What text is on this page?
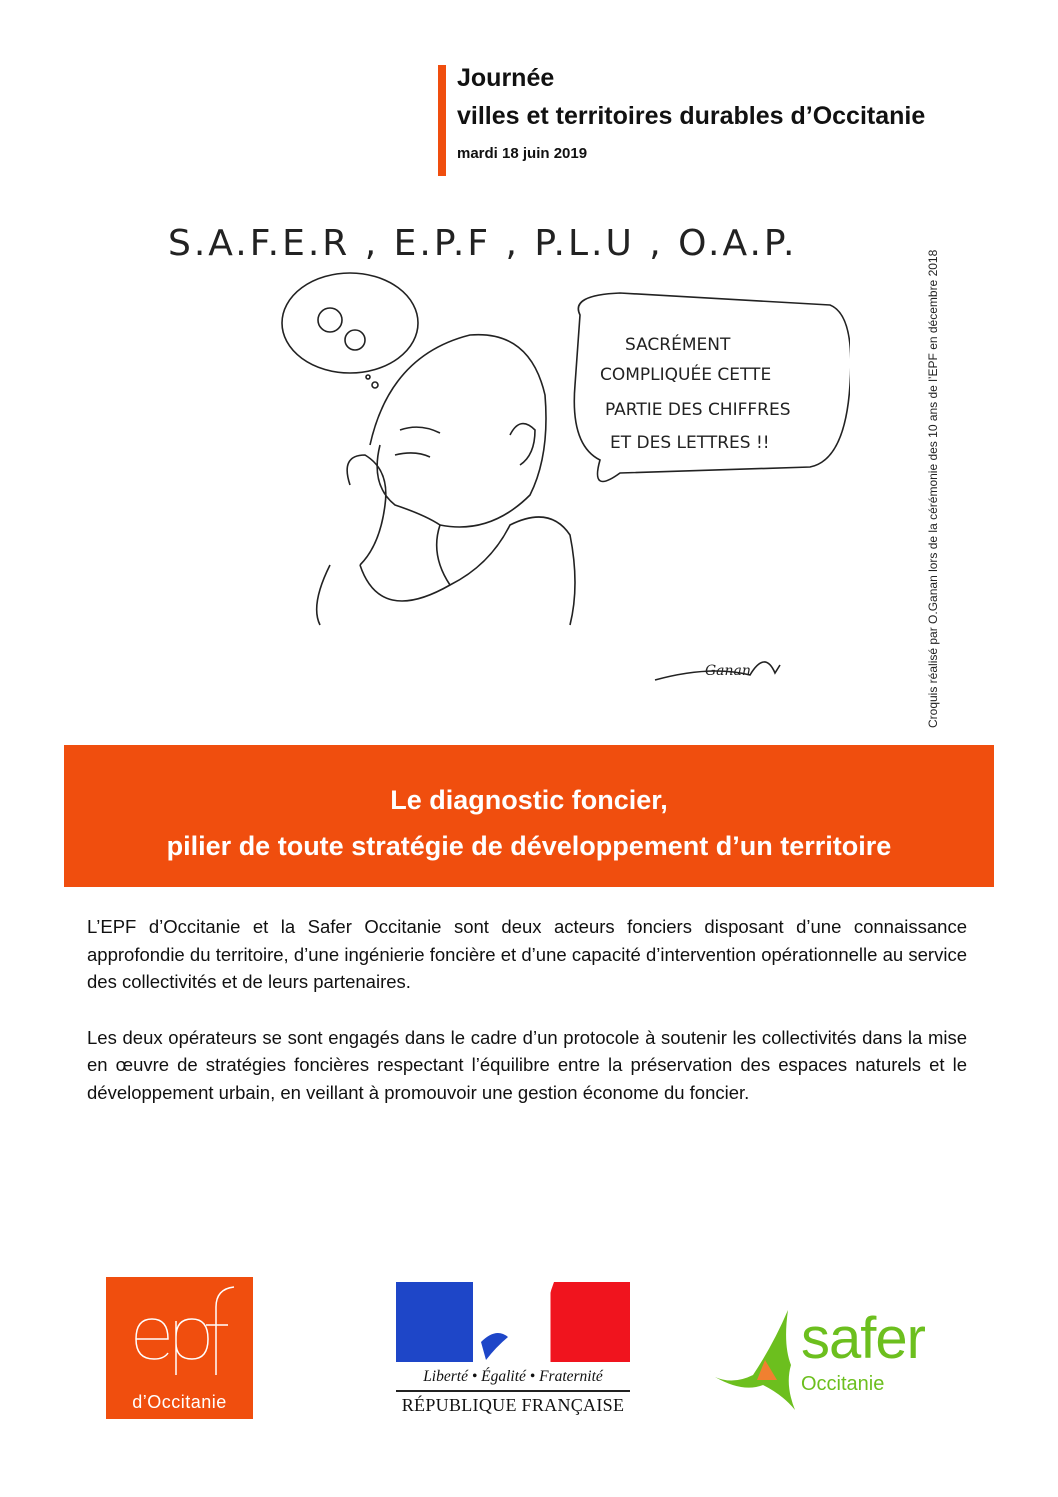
Journée
villes et territoires durables d’Occitanie
mardi 18 juin 2019
S.A.F.E.R , E.P.F , P.L.U , O.A.P.
SACRÉMENT
COMPLIQUÉE CETTE
PARTIE DES CHIFFRES
ET DES LETTRES !!
Ganan	Croquis réalisé par O.Ganan lors de la cérémonie des 10 ans de l’EPF en décembre 2018
Le diagnostic foncier,
pilier de toute stratégie de développement d’un territoire

L’EPF d’Occitanie et la Safer Occitanie sont deux acteurs fonciers disposant d’une connaissance approfondie du territoire, d’une ingénierie foncière et d’une capacité d’intervention opérationnelle au service des collectivités et de leurs partenaires.

Les deux opérateurs se sont engagés dans le cadre d’un protocole à soutenir les collectivités dans la mise en œuvre de stratégies foncières respectant l’équilibre entre la préservation des espaces naturels et le développement urbain, en veillant à promouvoir une gestion économe du foncier.

d’Occitanie
Liberté • Égalité • Fraternité
RÉPUBLIQUE FRANÇAISE
safer
Occitanie
